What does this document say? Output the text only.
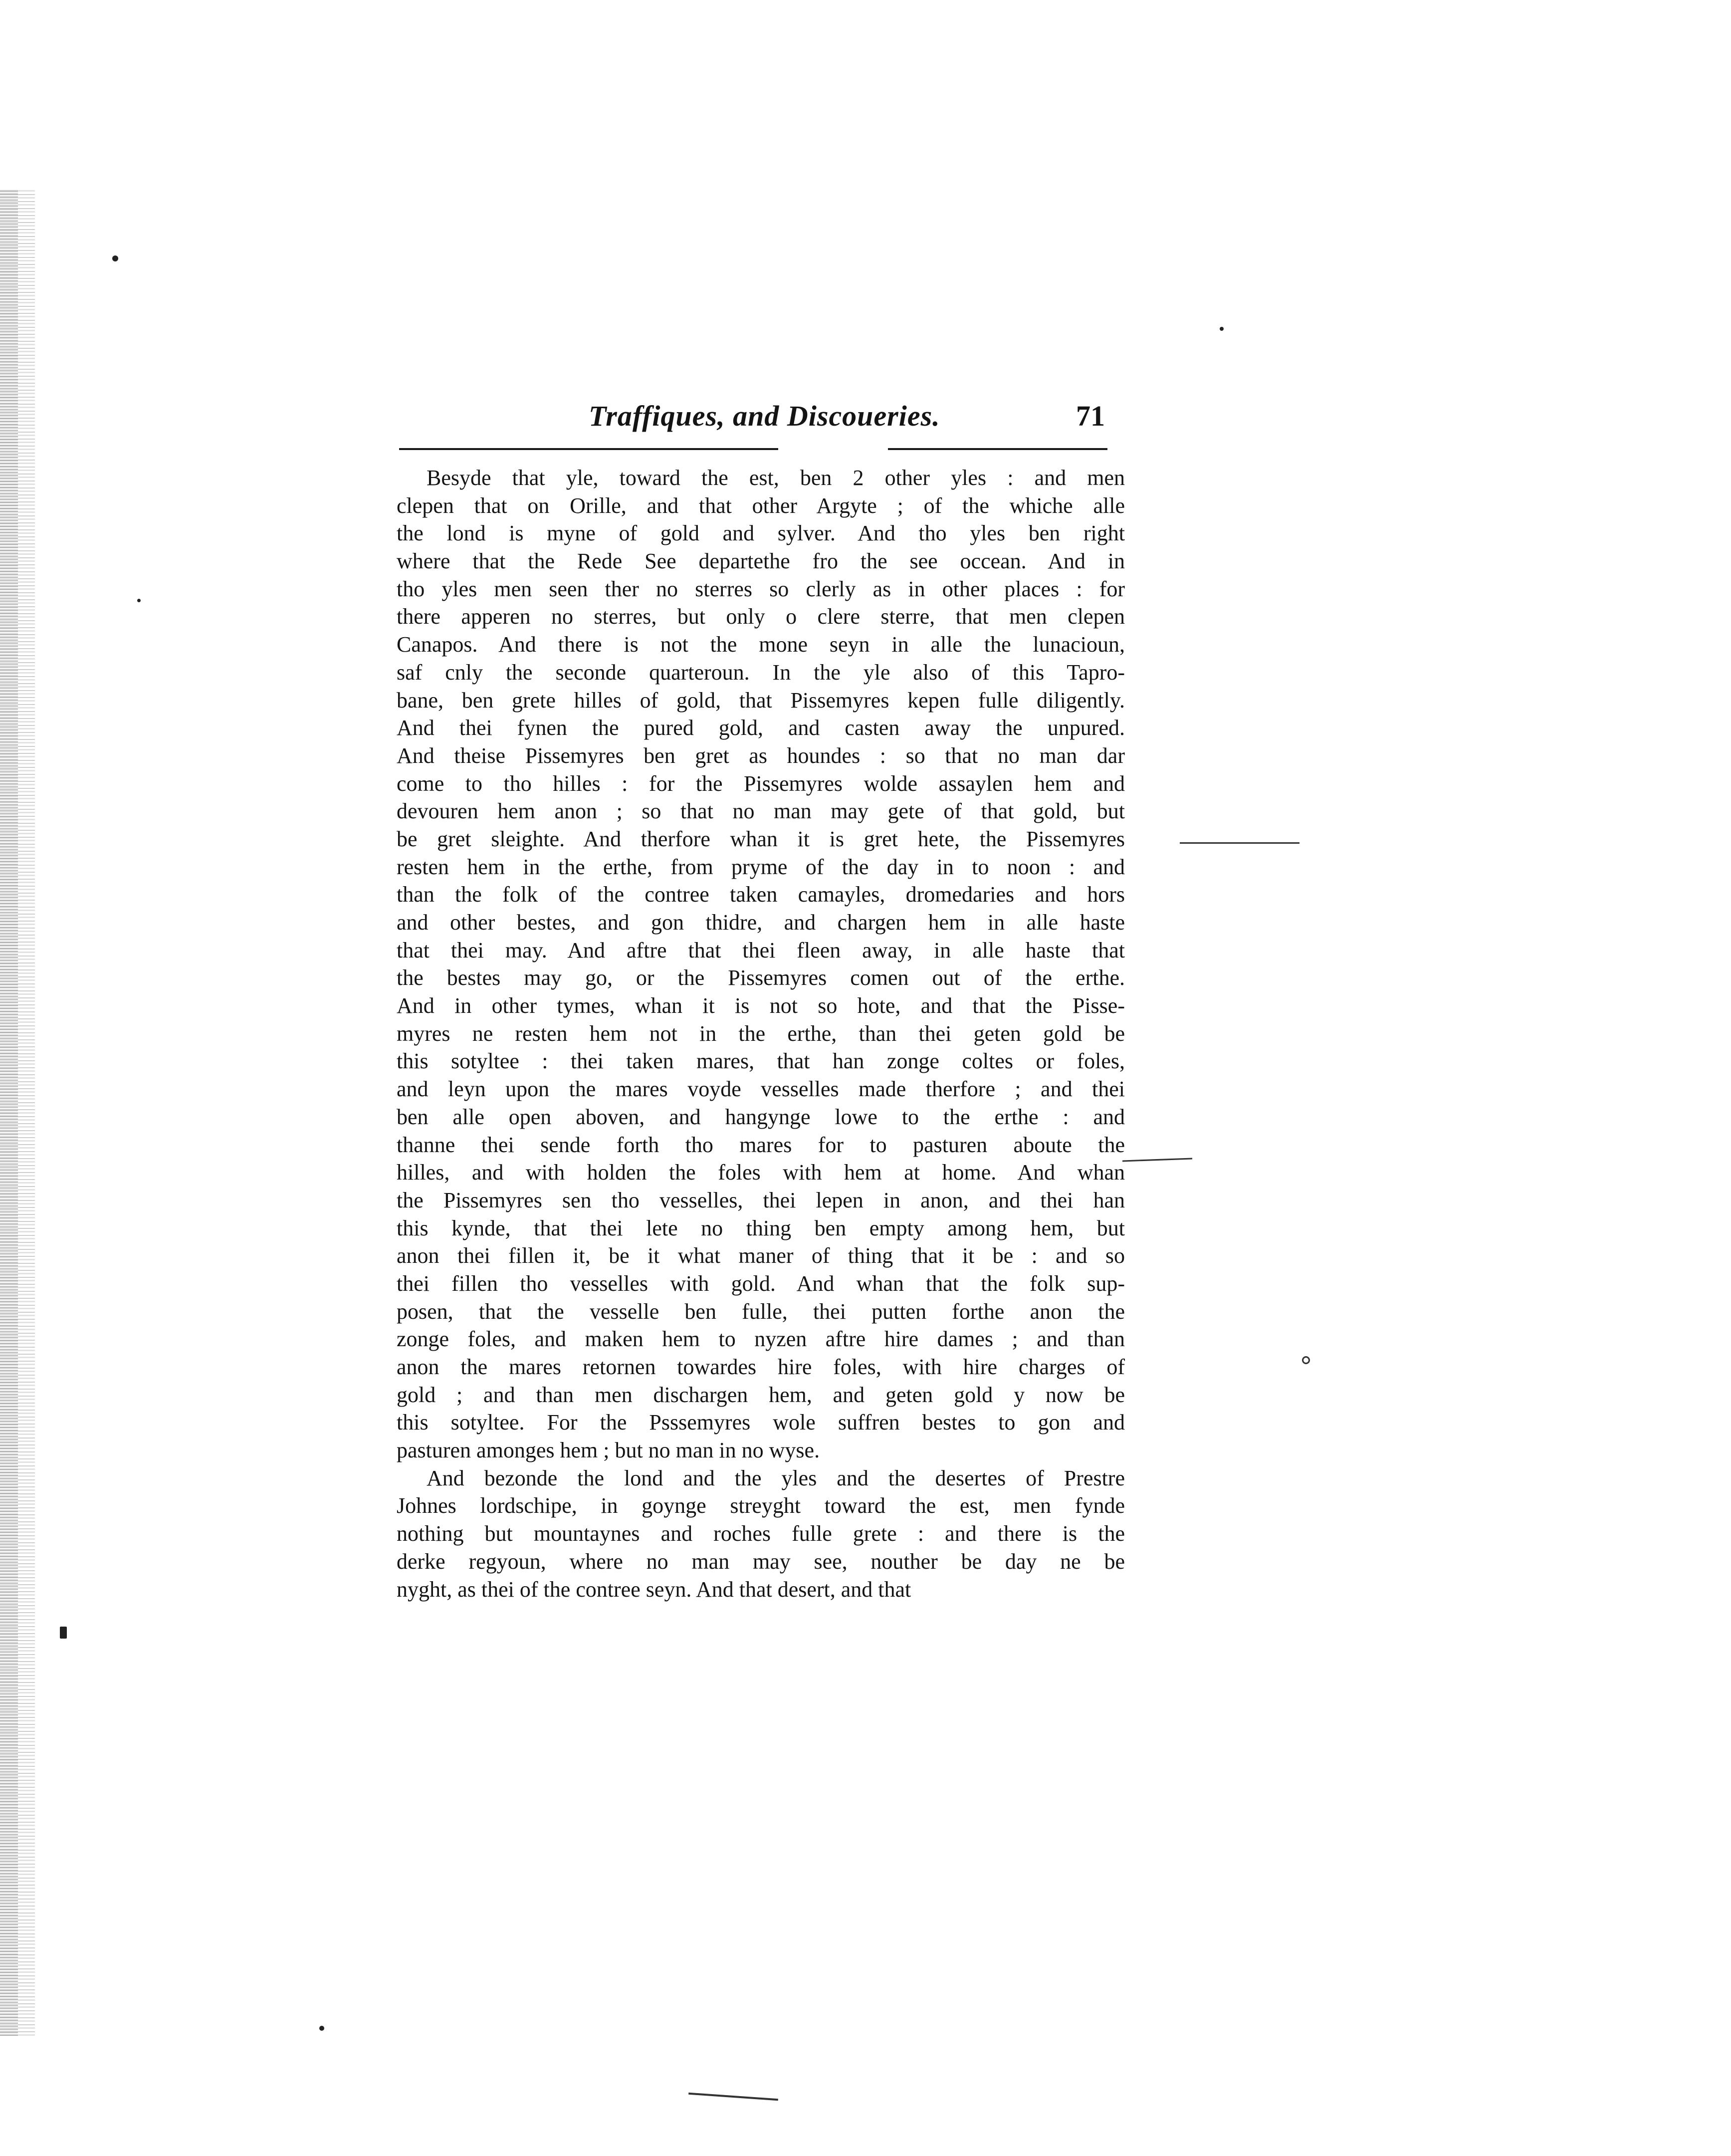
Traffiques, and Discoueries.	71
Besyde that yle, toward the est, ben 2 other yles : and men
clepen that on Orille, and that other Argyte ; of the whiche alle
the lond is myne of gold and sylver. And tho yles ben right
where that the Rede See departethe fro the see occean. And in
tho yles men seen ther no sterres so clerly as in other places : for
there apperen no sterres, but only o clere sterre, that men clepen
Canapos. And there is not the mone seyn in alle the lunacioun,
saf cnly the seconde quarteroun. In the yle also of this Tapro-
bane, ben grete hilles of gold, that Pissemyres kepen fulle diligently.
And thei fynen the pured gold, and casten away the unpured.
And theise Pissemyres ben gret as houndes : so that no man dar
come to tho hilles : for the Pissemyres wolde assaylen hem and
devouren hem anon ; so that no man may gete of that gold, but
be gret sleighte. And therfore whan it is gret hete, the Pissemyres
resten hem in the erthe, from pryme of the day in to noon : and
than the folk of the contree taken camayles, dromedaries and hors
and other bestes, and gon thidre, and chargen hem in alle haste
that thei may. And aftre that thei fleen away, in alle haste that
the bestes may go, or the Pissemyres comen out of the erthe.
And in other tymes, whan it is not so hote, and that the Pisse-
myres ne resten hem not in the erthe, than thei geten gold be
this sotyltee : thei taken mares, that han zonge coltes or foles,
and leyn upon the mares voyde vesselles made therfore ; and thei
ben alle open aboven, and hangynge lowe to the erthe : and
thanne thei sende forth tho mares for to pasturen aboute the
hilles, and with holden the foles with hem at home. And whan
the Pissemyres sen tho vesselles, thei lepen in anon, and thei han
this kynde, that thei lete no thing ben empty among hem, but
anon thei fillen it, be it what maner of thing that it be : and so
thei fillen tho vesselles with gold. And whan that the folk sup-
posen, that the vesselle ben fulle, thei putten forthe anon the
zonge foles, and maken hem to nyzen aftre hire dames ; and than
anon the mares retornen towardes hire foles, with hire charges of
gold ; and than men dischargen hem, and geten gold y now be
this sotyltee. For the Psssemyres wole suffren bestes to gon and
pasturen amonges hem ; but no man in no wyse.
And bezonde the lond and the yles and the desertes of Prestre
Johnes lordschipe, in goynge streyght toward the est, men fynde
nothing but mountaynes and roches fulle grete : and there is the
derke regyoun, where no man may see, nouther be day ne be
nyght, as thei of the contree seyn. And that desert, and that
